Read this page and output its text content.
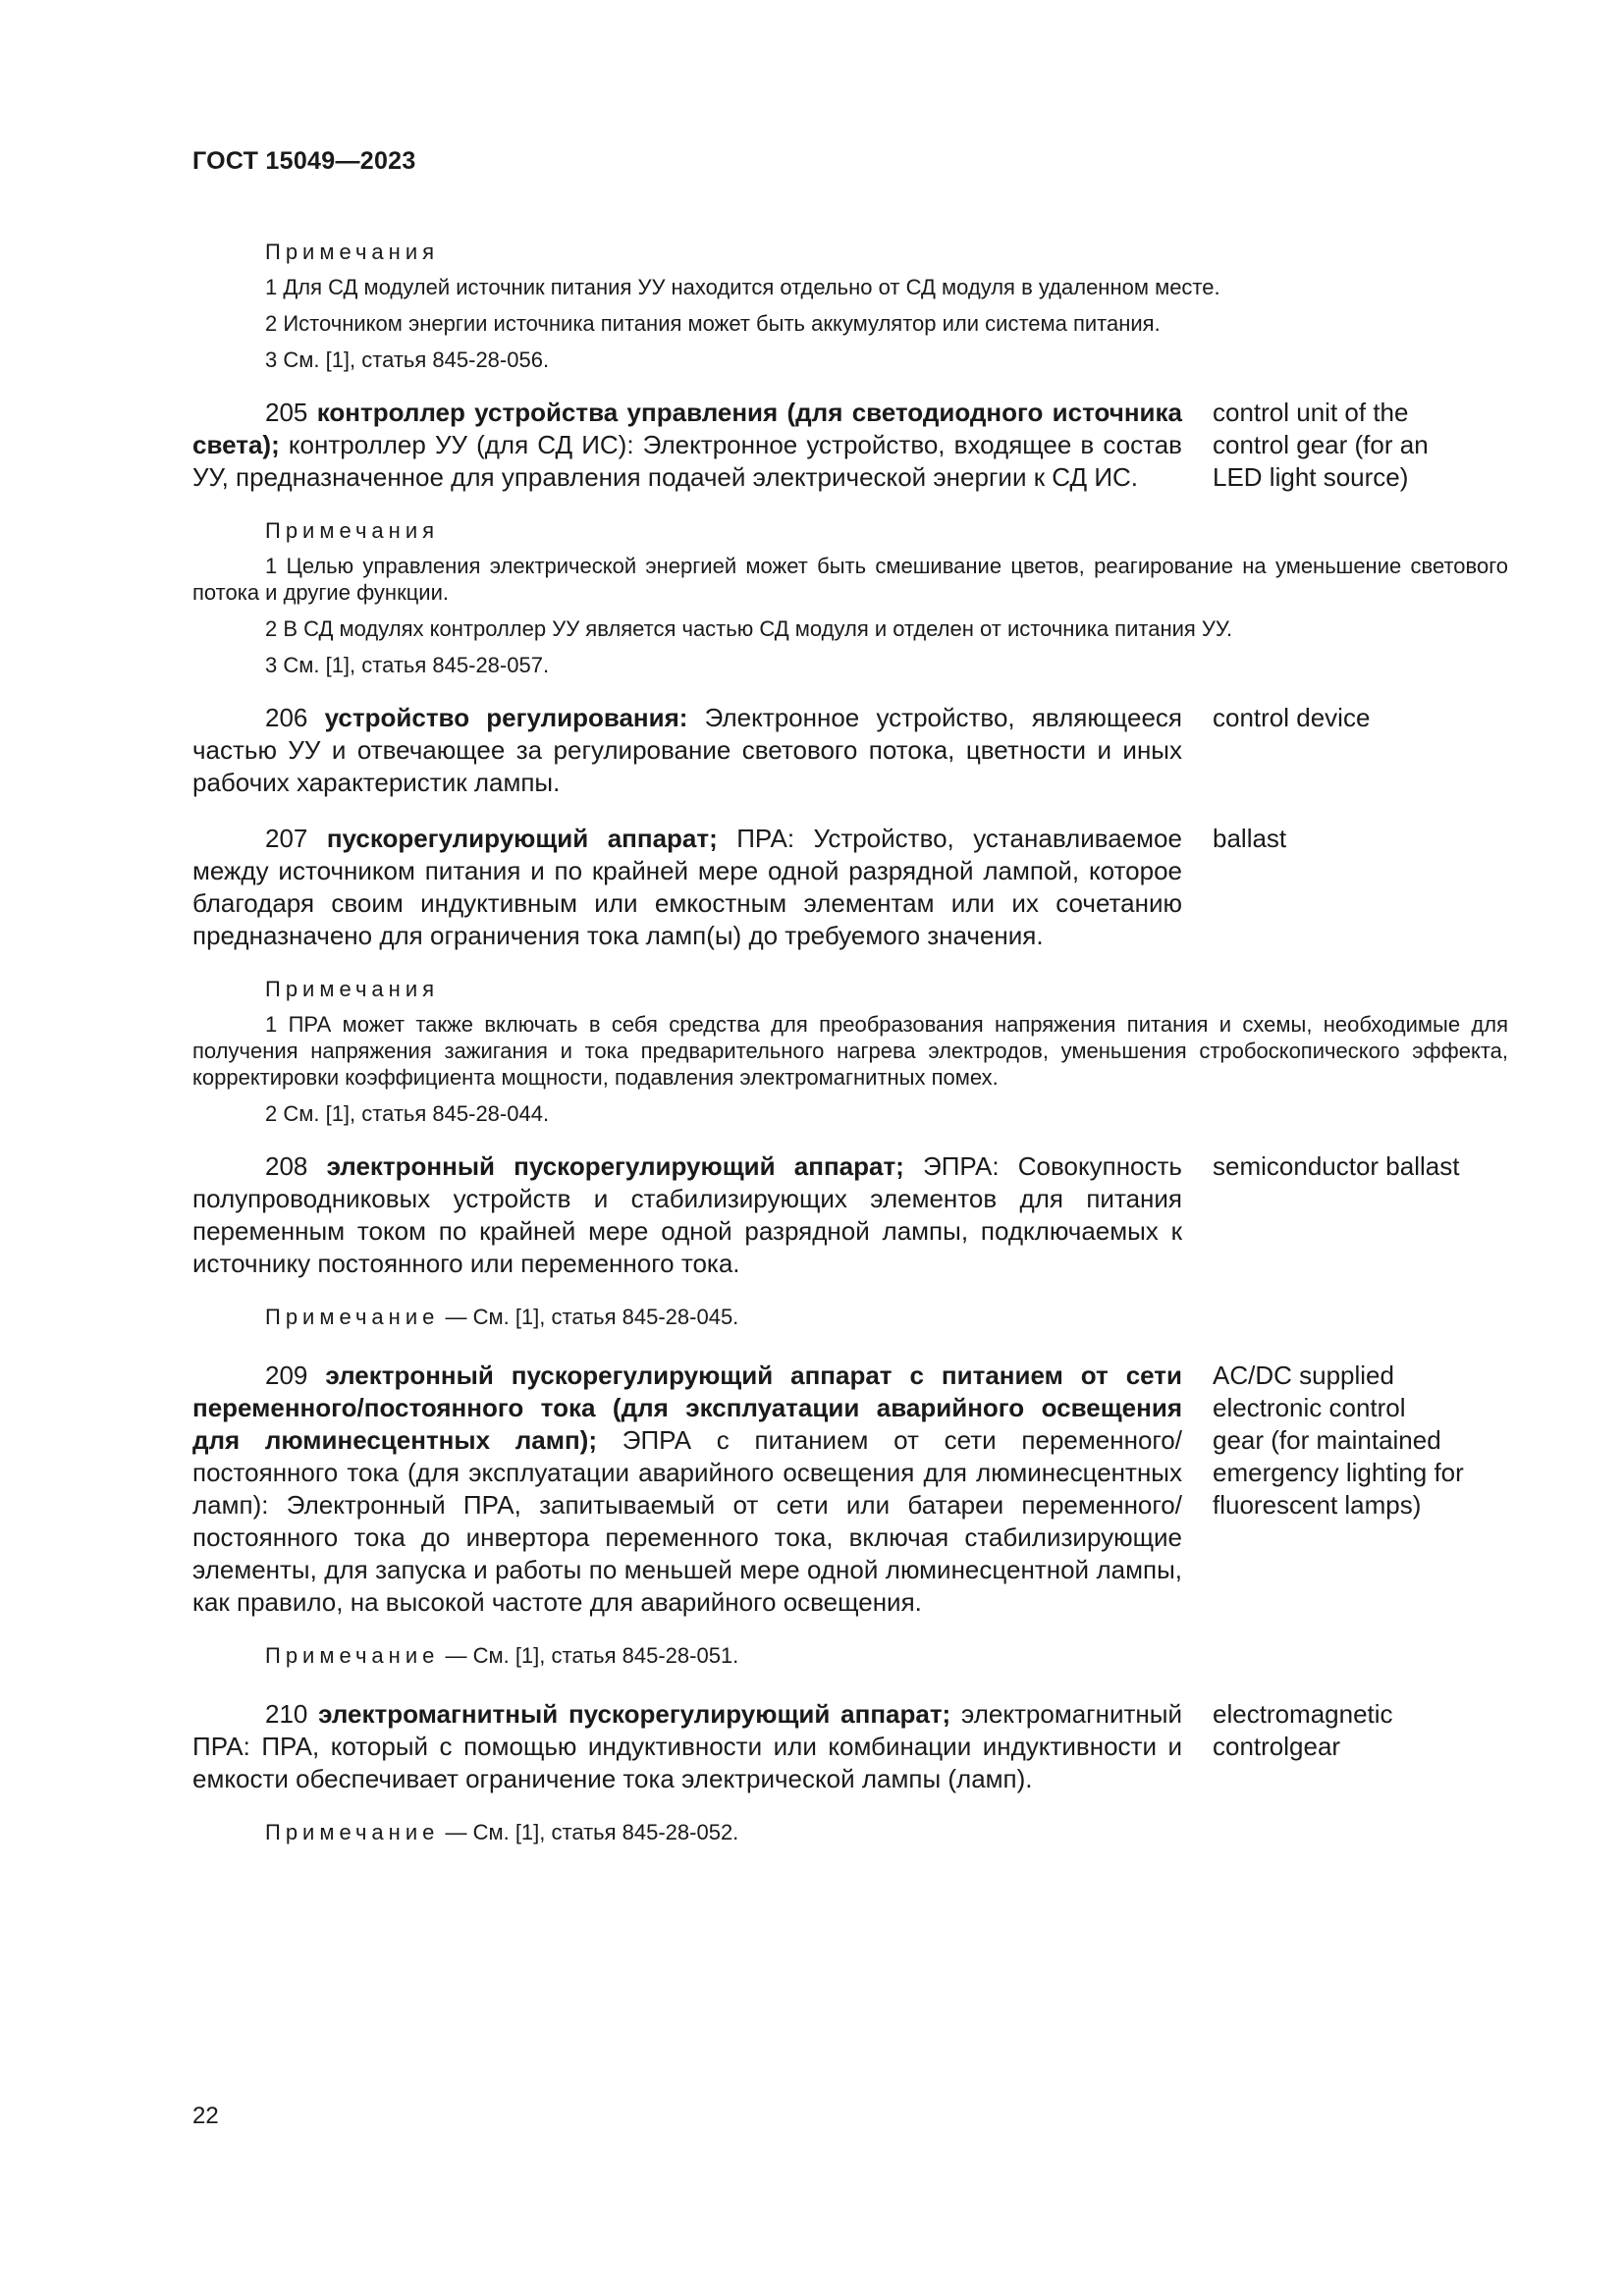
ГОСТ 15049—2023
Примечания
1 Для СД модулей источник питания УУ находится отдельно от СД модуля в удаленном месте.
2 Источником энергии источника питания может быть аккумулятор или система питания.
3 См. [1], статья 845-28-056.
205 контроллер устройства управления (для светодиодного источника света); контроллер УУ (для СД ИС): Электронное устройство, входящее в состав УУ, предназначенное для управления подачей электрической энергии к СД ИС.
control unit of the
control gear (for an
LED light source)
Примечания
1 Целью управления электрической энергией может быть смешивание цветов, реагирование на уменьшение светового потока и другие функции.
2 В СД модулях контроллер УУ является частью СД модуля и отделен от источника питания УУ.
3 См. [1], статья 845-28-057.
206 устройство регулирования: Электронное устройство, являющееся частью УУ и отвечающее за регулирование светового потока, цветности и иных рабочих характеристик лампы.
control device
207 пускорегулирующий аппарат; ПРА: Устройство, устанавливаемое между источником питания и по крайней мере одной разрядной лампой, которое благодаря своим индуктивным или емкостным элементам или их сочетанию предназначено для ограничения тока ламп(ы) до требуемого значения.
ballast
Примечания
1 ПРА может также включать в себя средства для преобразования напряжения питания и схемы, необходимые для получения напряжения зажигания и тока предварительного нагрева электродов, уменьшения стробоскопического эффекта, корректировки коэффициента мощности, подавления электромагнитных помех.
2 См. [1], статья 845-28-044.
208 электронный пускорегулирующий аппарат; ЭПРА: Совокупность полупроводниковых устройств и стабилизирующих элементов для питания переменным током по крайней мере одной разрядной лампы, подключаемых к источнику постоянного или переменного тока.
semiconductor ballast
Примечание — См. [1], статья 845-28-045.
209 электронный пускорегулирующий аппарат с питанием от сети переменного/постоянного тока (для эксплуатации аварийного освещения для люминесцентных ламп); ЭПРА с питанием от сети переменного/постоянного тока (для эксплуатации аварийного освещения для люминесцентных ламп): Электронный ПРА, запитываемый от сети или батареи переменного/постоянного тока до инвертора переменного тока, включая стабилизирующие элементы, для запуска и работы по меньшей мере одной люминесцентной лампы, как правило, на высокой частоте для аварийного освещения.
AC/DC supplied
electronic control
gear (for maintained
emergency lighting for
fluorescent lamps)
Примечание — См. [1], статья 845-28-051.
210 электромагнитный пускорегулирующий аппарат; электромагнитный ПРА: ПРА, который с помощью индуктивности или комбинации индуктивности и емкости обеспечивает ограничение тока электрической лампы (ламп).
electromagnetic
controlgear
Примечание — См. [1], статья 845-28-052.
22
